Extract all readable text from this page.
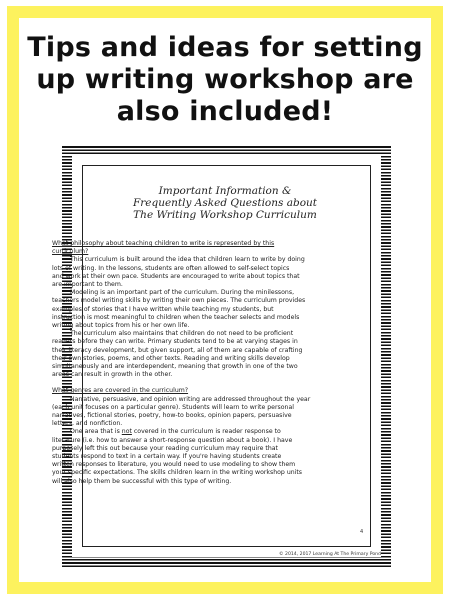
Tips and ideas for setting
up writing workshop are
also included!
Important Information &
Frequently Asked Questions about
The Writing Workshop Curriculum

What philosophy about teaching children to write is represented by this
curriculum?

This curriculum is built around the idea that children learn to write by doing
lots of writing. In the lessons, students are often allowed to self-select topics
and work at their own pace. Students are encouraged to write about topics that
are important to them.

Modeling is an important part of the curriculum. During the minilessons,
teachers model writing skills by writing their own pieces. The curriculum provides
examples of stories that I have written while teaching my students, but
instruction is most meaningful to children when the teacher selects and models
writing about topics from his or her own life.

The curriculum also maintains that children do not need to be proficient
readers before they can write. Primary students tend to be at varying stages in
their literacy development, but given support, all of them are capable of crafting
their own stories, poems, and other texts. Reading and writing skills develop
simultaneously and are interdependent, meaning that growth in one of the two
areas can result in growth in the other.

What genres are covered in the curriculum?

Narrative, persuasive, and opinion writing are addressed throughout the year
(each unit focuses on a particular genre). Students will learn to write personal
narratives, fictional stories, poetry, how-to books, opinion papers, persuasive
letters, and nonfiction.

One area that is not covered in the curriculum is reader response to

literature (i.e. how to answer a short-response question about a book). I have

purposely left this out because your reading curriculum may require that

students respond to text in a certain way. If you're having students create

written responses to literature, you would need to use modeling to show them

your specific expectations. The skills children learn in the writing workshop units

will also help them be successful with this type of writing.

4
© 2014, 2017 Learning At The Primary Pond
